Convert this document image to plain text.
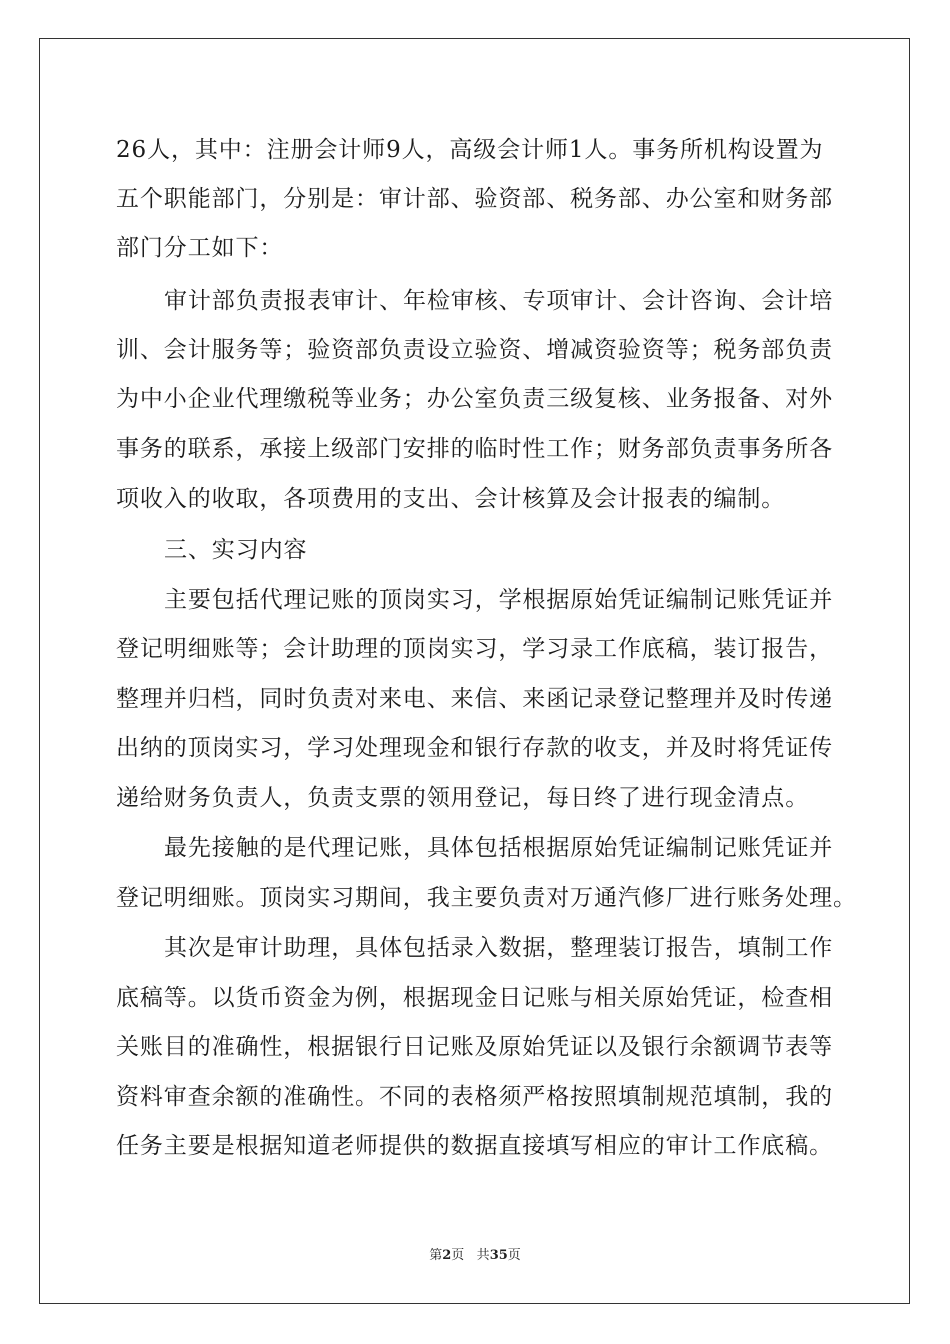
26人，其中：注册会计师9人，高级会计师1人。事务所机构设置为
五个职能部门，分别是：审计部、验资部、税务部、办公室和财务部
部门分工如下：
审计部负责报表审计、年检审核、专项审计、会计咨询、会计培
训、会计服务等；验资部负责设立验资、增减资验资等；税务部负责
为中小企业代理缴税等业务；办公室负责三级复核、业务报备、对外
事务的联系，承接上级部门安排的临时性工作；财务部负责事务所各
项收入的收取，各项费用的支出、会计核算及会计报表的编制。
三、实习内容
主要包括代理记账的顶岗实习，学根据原始凭证编制记账凭证并
登记明细账等；会计助理的顶岗实习，学习录工作底稿，装订报告，
整理并归档，同时负责对来电、来信、来函记录登记整理并及时传递
出纳的顶岗实习，学习处理现金和银行存款的收支，并及时将凭证传
递给财务负责人，负责支票的领用登记，每日终了进行现金清点。
最先接触的是代理记账，具体包括根据原始凭证编制记账凭证并
登记明细账。顶岗实习期间，我主要负责对万通汽修厂进行账务处理。
其次是审计助理，具体包括录入数据，整理装订报告，填制工作
底稿等。以货币资金为例，根据现金日记账与相关原始凭证，检查相
关账目的准确性，根据银行日记账及原始凭证以及银行余额调节表等
资料审查余额的准确性。不同的表格须严格按照填制规范填制，我的
任务主要是根据知道老师提供的数据直接填写相应的审计工作底稿。
第2页 共35页
